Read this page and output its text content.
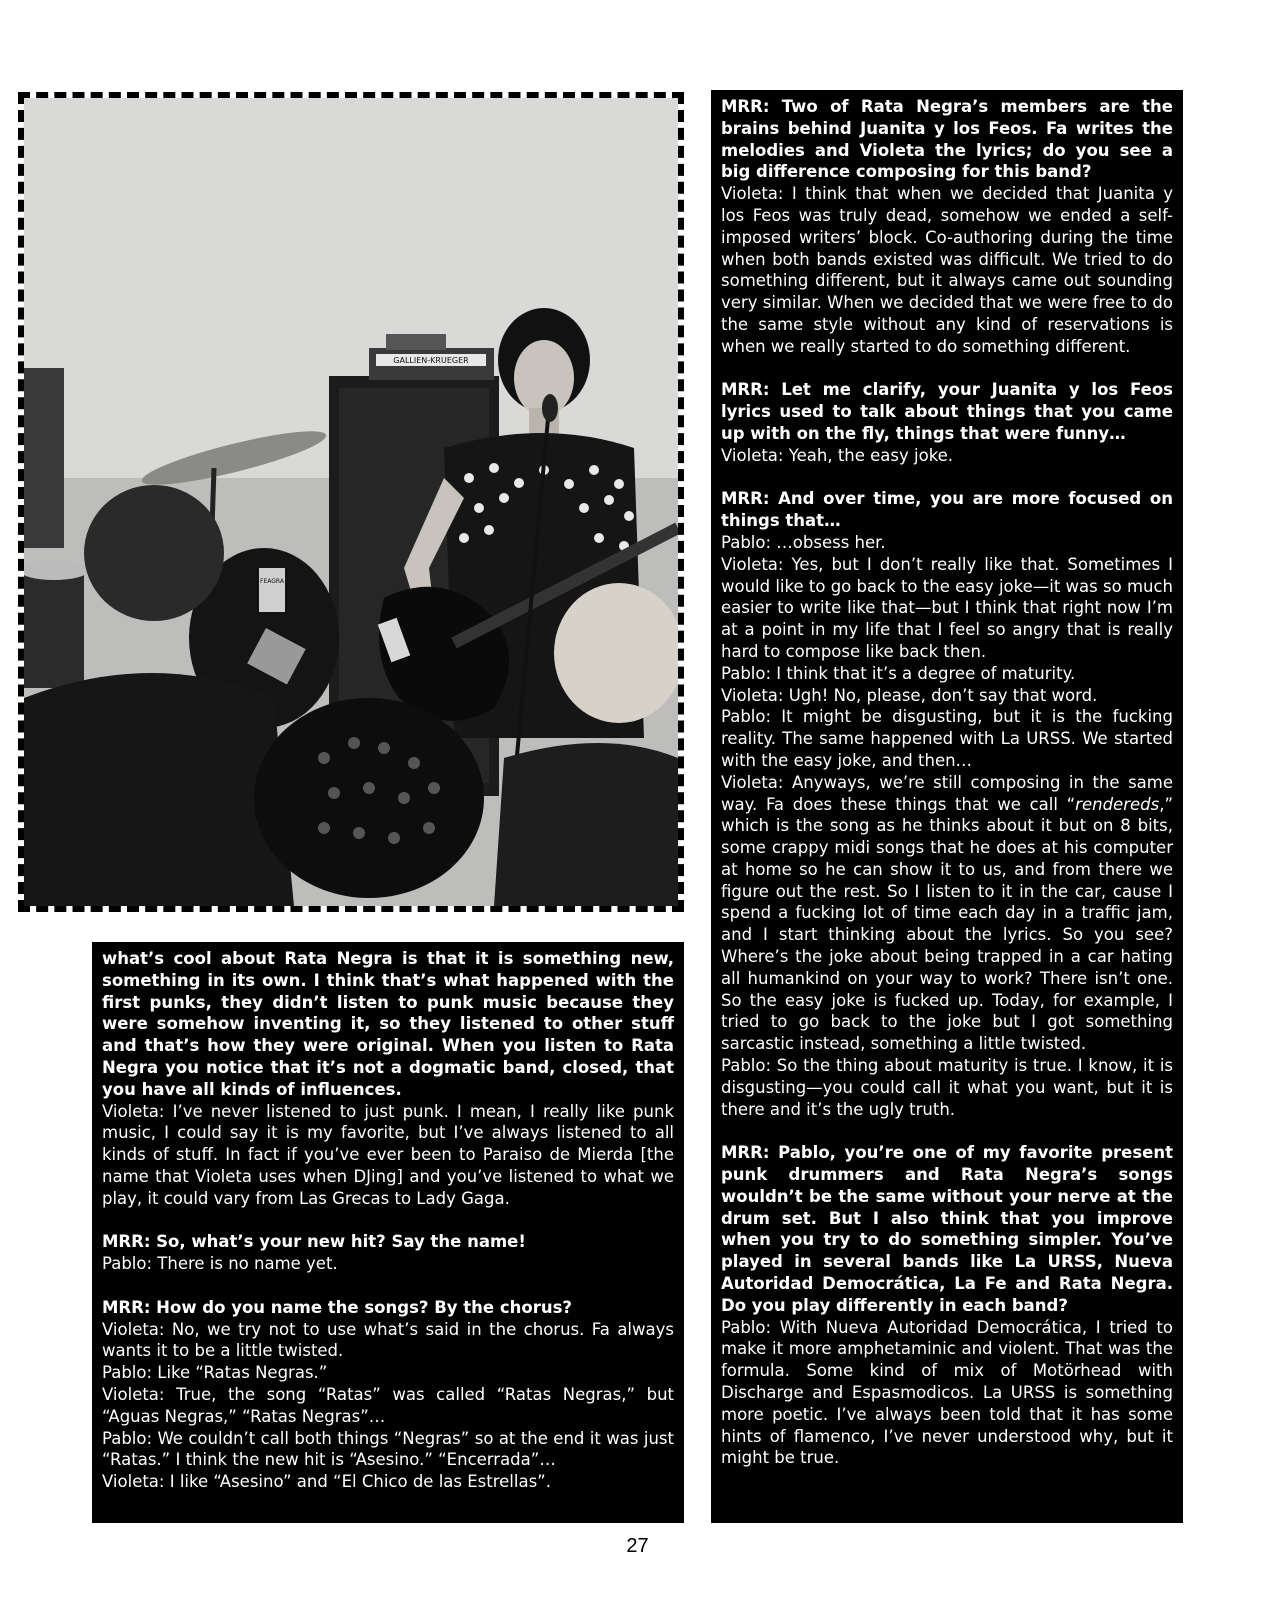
GALLIEN-KRUEGER
FEAGRA

what’s cool about Rata Negra is that it is something new, something in its own. I think that’s what happened with the first punks, they didn’t listen to punk music because they were somehow inventing it, so they listened to other stuff and that’s how they were original. When you listen to Rata Negra you notice that it’s not a dogmatic band, closed, that you have all kinds of influences.

Violeta: I’ve never listened to just punk. I mean, I really like punk music, I could say it is my favorite, but I’ve always listened to all kinds of stuff. In fact if you’ve ever been to Paraiso de Mierda [the name that Violeta uses when DJing] and you’ve listened to what we play, it could vary from Las Grecas to Lady Gaga.

MRR: So, what’s your new hit? Say the name!

Pablo: There is no name yet.

MRR: How do you name the songs? By the chorus?

Violeta: No, we try not to use what’s said in the chorus. Fa always wants it to be a little twisted.

Pablo: Like “Ratas Negras.”

Violeta: True, the song “Ratas” was called “Ratas Negras,” but “Aguas Negras,” “Ratas Negras”…

Pablo: We couldn’t call both things “Negras” so at the end it was just “Ratas.” I think the new hit is “Asesino.” “Encerrada”…

Violeta: I like “Asesino” and “El Chico de las Estrellas”.

MRR: Two of Rata Negra’s members are the brains behind Juanita y los Feos. Fa writes the melodies and Violeta the lyrics; do you see a big difference composing for this band?

Violeta: I think that when we decided that Juanita y los Feos was truly dead, somehow we ended a self-imposed writers’ block. Co-authoring during the time when both bands existed was difficult. We tried to do something different, but it always came out sounding very similar. When we decided that we were free to do the same style without any kind of reservations is when we really started to do something different.

MRR: Let me clarify, your Juanita y los Feos lyrics used to talk about things that you came up with on the fly, things that were funny…

Violeta: Yeah, the easy joke.

MRR: And over time, you are more focused on things that…

Pablo: …obsess her.

Violeta: Yes, but I don’t really like that. Sometimes I would like to go back to the easy joke—it was so much easier to write like that—but I think that right now I’m at a point in my life that I feel so angry that is really hard to compose like back then.

Pablo: I think that it’s a degree of maturity.

Violeta: Ugh! No, please, don’t say that word.

Pablo: It might be disgusting, but it is the fucking reality. The same happened with La URSS. We started with the easy joke, and then…

Violeta: Anyways, we’re still composing in the same way. Fa does these things that we call “rendereds,” which is the song as he thinks about it but on 8 bits, some crappy midi songs that he does at his computer at home so he can show it to us, and from there we figure out the rest. So I listen to it in the car, cause I spend a fucking lot of time each day in a traffic jam, and I start thinking about the lyrics. So you see? Where’s the joke about being trapped in a car hating all humankind on your way to work? There isn’t one. So the easy joke is fucked up. Today, for example, I tried to go back to the joke but I got something sarcastic instead, something a little twisted.

Pablo: So the thing about maturity is true. I know, it is disgusting—you could call it what you want, but it is there and it’s the ugly truth.

MRR: Pablo, you’re one of my favorite present punk drummers and Rata Negra’s songs wouldn’t be the same without your nerve at the drum set. But I also think that you improve when you try to do something simpler. You’ve played in several bands like La URSS, Nueva Autoridad Democrática, La Fe and Rata Negra. Do you play differently in each band?

Pablo: With Nueva Autoridad Democrática, I tried to make it more amphetaminic and violent. That was the formula. Some kind of mix of Motörhead with Discharge and Espasmodicos. La URSS is something more poetic. I’ve always been told that it has some hints of flamenco, I’ve never understood why, but it might be true.

27
